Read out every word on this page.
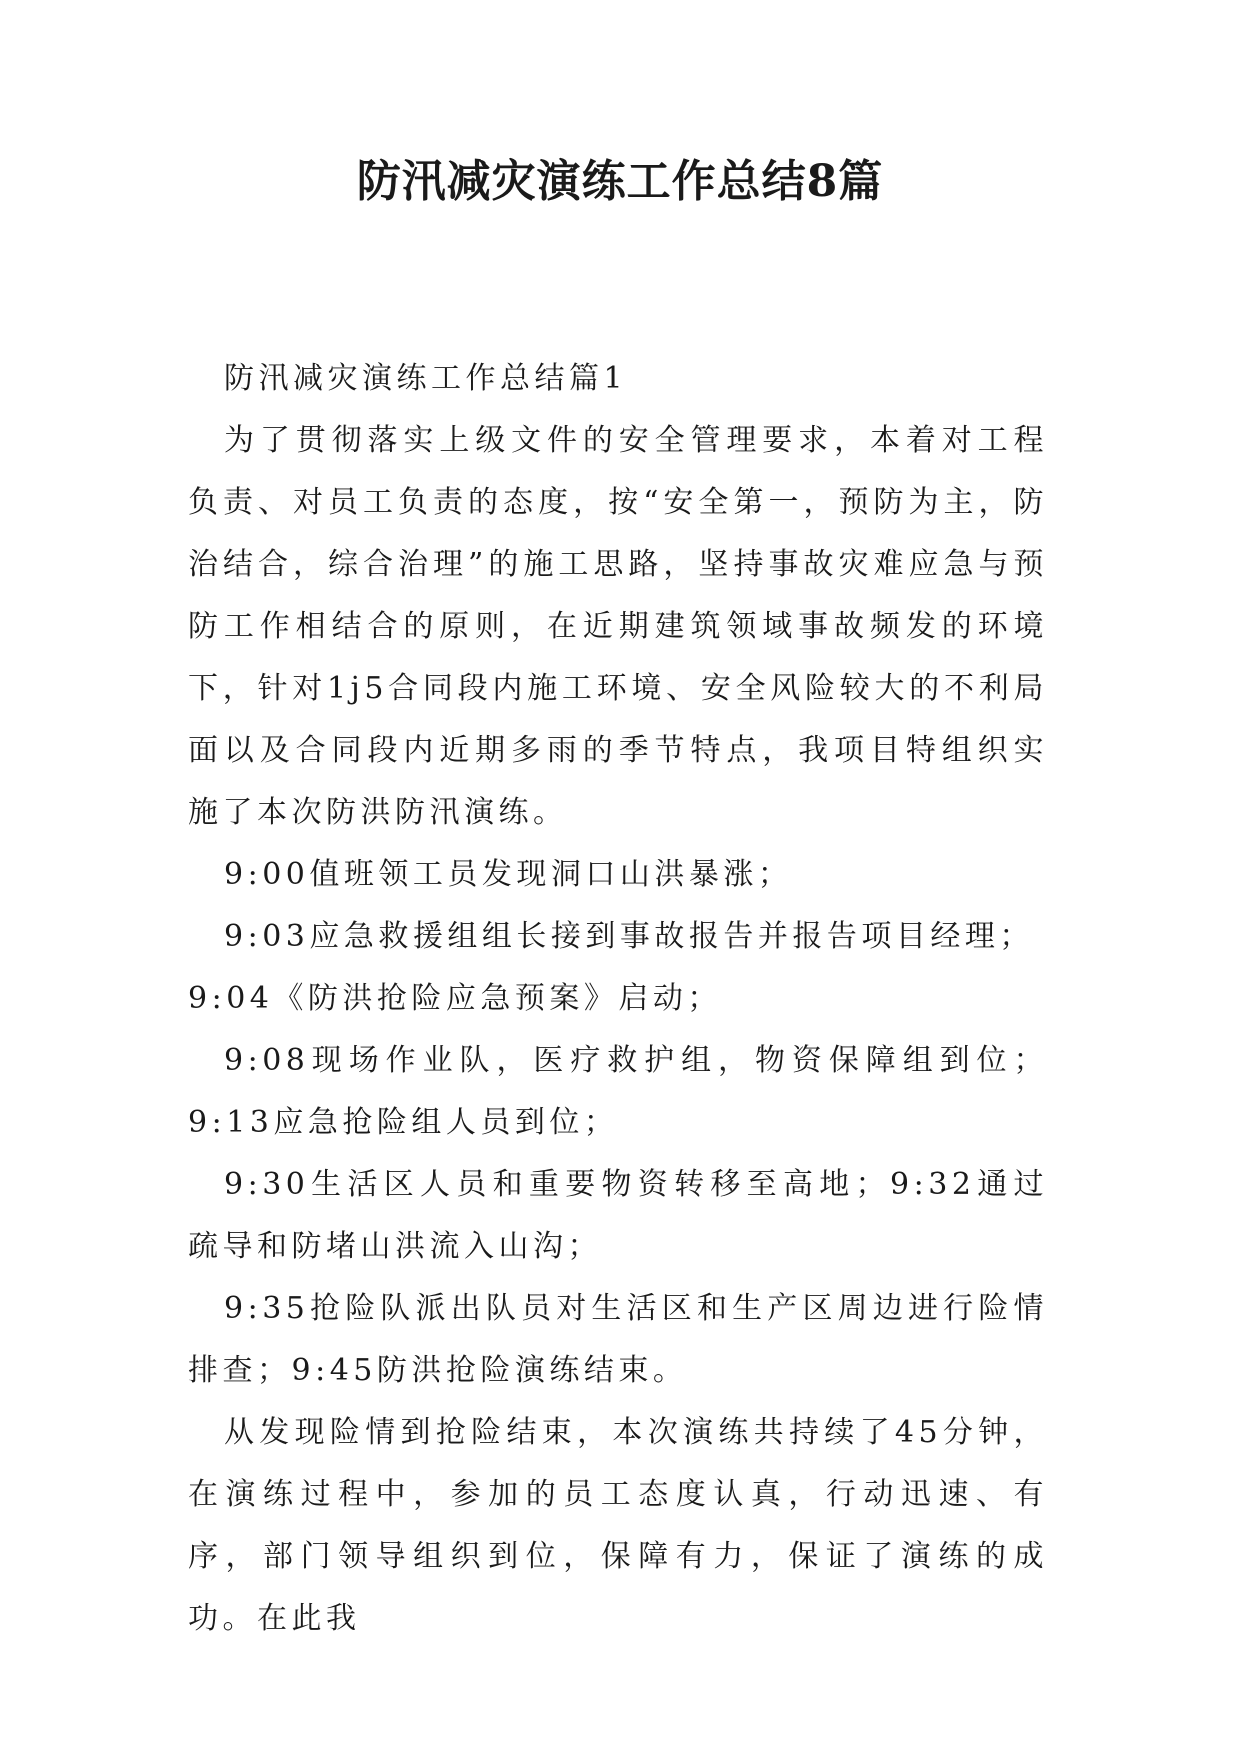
防汛减灾演练工作总结8篇

防汛减灾演练工作总结篇1

为了贯彻落实上级文件的安全管理要求，本着对工程负责、对员工负责的态度，按“安全第一，预防为主，防治结合，综合治理”的施工思路，坚持事故灾难应急与预防工作相结合的原则，在近期建筑领域事故频发的环境下，针对1j5合同段内施工环境、安全风险较大的不利局面以及合同段内近期多雨的季节特点，我项目特组织实施了本次防洪防汛演练。

9:00值班领工员发现洞口山洪暴涨；

9:03应急救援组组长接到事故报告并报告项目经理；

9:04《防洪抢险应急预案》启动；

9:08现场作业队，医疗救护组，物资保障组到位；9:13应急抢险组人员到位；

9:30生活区人员和重要物资转移至高地；9:32通过疏导和防堵山洪流入山沟；

9:35抢险队派出队员对生活区和生产区周边进行险情排查；9:45防洪抢险演练结束。

从发现险情到抢险结束，本次演练共持续了45分钟，在演练过程中，参加的员工态度认真，行动迅速、有序，部门领导组织到位，保障有力，保证了演练的成功。在此我
